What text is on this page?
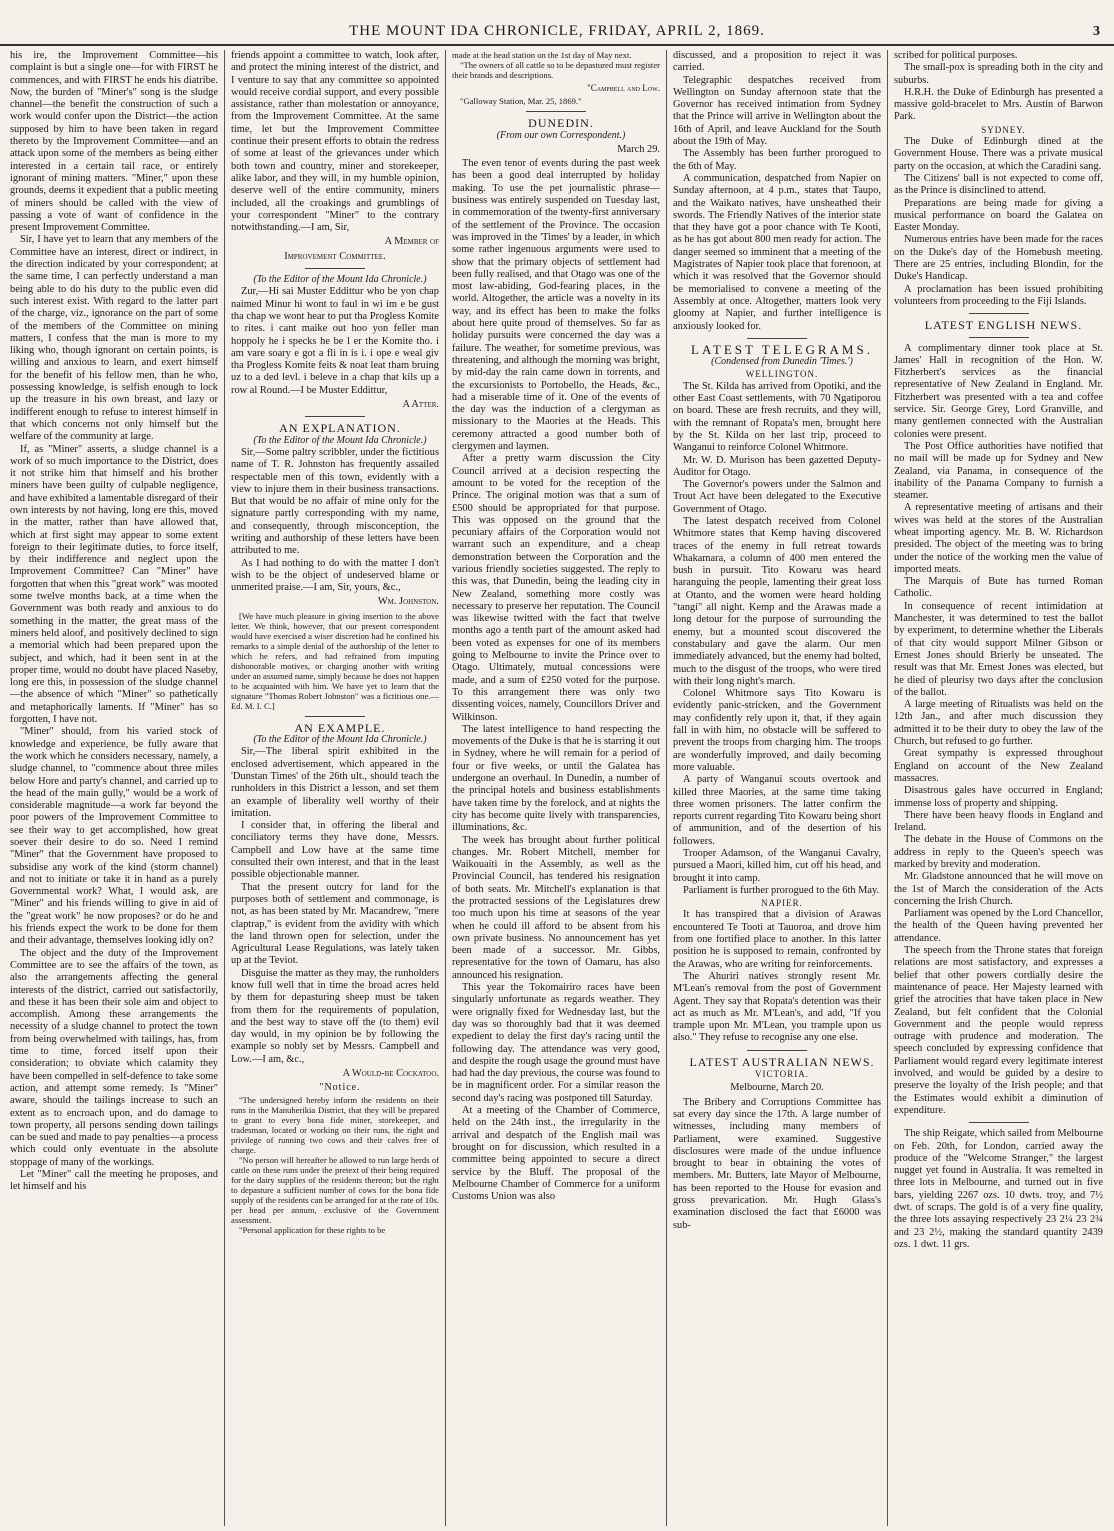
THE MOUNT IDA CHRONICLE, FRIDAY, APRIL 2, 1869.	3

his ire, the Improvement Committee—his complaint is but a single one—for with FIRST he commences, and with FIRST he ends his diatribe. Now, the burden of "Miner's" song is the sludge channel—the benefit the construction of such a work would confer upon the District—the action supposed by him to have been taken in regard thereto by the Improvement Committee—and an attack upon some of the members as being either interested in a certain tail race, or entirely ignorant of mining matters. "Miner," upon these grounds, deems it expedient that a public meeting of miners should be called with the view of passing a vote of want of confidence in the present Improvement Committee.

Sir, I have yet to learn that any members of the Committee have an interest, direct or indirect, in the direction indicated by your correspondent; at the same time, I can perfectly understand a man being able to do his duty to the public even did such interest exist. With regard to the latter part of the charge, viz., ignorance on the part of some of the members of the Committee on mining matters, I confess that the man is more to my liking who, though ignorant on certain points, is willing and anxious to learn, and exert himself for the benefit of his fellow men, than he who, possessing knowledge, is selfish enough to lock up the treasure in his own breast, and lazy or indifferent enough to refuse to interest himself in that which concerns not only himself but the welfare of the community at large.

If, as "Miner" asserts, a sludge channel is a work of so much importance to the District, does it not strike him that himself and his brother miners have been guilty of culpable negligence, and have exhibited a lamentable disregard of their own interests by not having, long ere this, moved in the matter, rather than have allowed that, which at first sight may appear to some extent foreign to their legitimate duties, to force itself, by their indifference and neglect upon the Improvement Committee? Can "Miner" have forgotten that when this "great work" was mooted some twelve months back, at a time when the Government was both ready and anxious to do something in the matter, the great mass of the miners held aloof, and positively declined to sign a memorial which had been prepared upon the subject, and which, had it been sent in at the proper time, would no doubt have placed Naseby, long ere this, in possession of the sludge channel—the absence of which "Miner" so pathetically and metaphorically laments. If "Miner" has so forgotten, I have not.

"Miner" should, from his varied stock of knowledge and experience, be fully aware that the work which he considers necessary, namely, a sludge channel, to "commence about three miles below Hore and party's channel, and carried up to the head of the main gully," would be a work of considerable magnitude—a work far beyond the poor powers of the Improvement Committee to see their way to get accomplished, how great soever their desire to do so. Need I remind "Miner" that the Government have proposed to subsidise any work of the kind (storm channel) and not to initiate or take it in hand as a purely Governmental work? What, I would ask, are "Miner" and his friends willing to give in aid of the "great work" he now proposes? or do he and his friends expect the work to be done for them and their advantage, themselves looking idly on?

The object and the duty of the Improvement Committee are to see the affairs of the town, as also the arrangements affecting the general interests of the district, carried out satisfactorily, and these it has been their sole aim and object to accomplish. Among these arrangements the necessity of a sludge channel to protect the town from being overwhelmed with tailings, has, from time to time, forced itself upon their consideration; to obviate which calamity they have been compelled in self-defence to take some action, and attempt some remedy. Is "Miner" aware, should the tailings increase to such an extent as to encroach upon, and do damage to town property, all persons sending down tailings can be sued and made to pay penalties—a process which could only eventuate in the absolute stoppage of many of the workings.

Let "Miner" call the meeting he proposes, and let himself and his

friends appoint a committee to watch, look after, and protect the mining interest of the district, and I venture to say that any committee so appointed would receive cordial support, and every possible assistance, rather than molestation or annoyance, from the Improvement Committee. At the same time, let but the Improvement Committee continue their present efforts to obtain the redress of some at least of the grievances under which both town and country, miner and storekeeper, alike labor, and they will, in my humble opinion, deserve well of the entire community, miners included, all the croakings and grumblings of your correspondent "Miner" to the contrary notwithstanding.—I am, Sir,

A Member of
Improvement Committee.

(To the Editor of the Mount Ida Chronicle.)

Zur,—Hi sai Muster Eddittur who be yon chap naimed Minur hi wont to faul in wi im e be gust tha chap we wont hear to put tha Progless Komite to rites. i cant maike out hoo yon feller man hoppoly he i specks he be l er the Komite tho. i am vare soary e got a fli in is i. i ope e weal giv tha Progless Komite feits & noat leat tham bruing uz to a ded levl. i beleve in a chap that kils up a row al Round.—I be Muster Eddittur,

A Atter.

AN EXPLANATION.

(To the Editor of the Mount Ida Chronicle.)

Sir,—Some paltry scribbler, under the fictitious name of T. R. Johnston has frequently assailed respectable men of this town, evidently with a view to injure them in their business transactions. But that would be no affair of mine only for the signature partly corresponding with my name, and consequently, through misconception, the writing and authorship of these letters have been attributed to me.

As I had nothing to do with the matter I don't wish to be the object of undeserved blame or unmerited praise.—I am, Sir, yours, &c.,

Wm. Johnston.

[We have much pleasure in giving insertion to the above letter. We think, however, that our present correspondent would have exercised a wiser discretion had he confined his remarks to a simple denial of the authorship of the letter to which he refers, and had refrained from imputing dishonorable motives, or charging another with writing under an assumed name, simply because he does not happen to be acquainted with him. We have yet to learn that the signature "Thomas Robert Johnston" was a fictitious one.—Ed. M. I. C.]

AN EXAMPLE.

(To the Editor of the Mount Ida Chronicle.)

Sir,—The liberal spirit exhibited in the enclosed advertisement, which appeared in the 'Dunstan Times' of the 26th ult., should teach the runholders in this District a lesson, and set them an example of liberality well worthy of their imitation.

I consider that, in offering the liberal and conciliatory terms they have done, Messrs. Campbell and Low have at the same time consulted their own interest, and that in the least possible objectionable manner.

That the present outcry for land for the purposes both of settlement and commonage, is not, as has been stated by Mr. Macandrew, "mere claptrap," is evident from the avidity with which the land thrown open for selection, under the Agricultural Lease Regulations, was lately taken up at the Teviot.

Disguise the matter as they may, the runholders know full well that in time the broad acres held by them for depasturing sheep must be taken from them for the requirements of population, and the best way to stave off the (to them) evil day would, in my opinion be by following the example so nobly set by Messrs. Campbell and Low.—I am, &c.,

A Would-be Cockatoo.

"Notice.

"The undersigned hereby inform the residents on their runs in the Manuherikia District, that they will be prepared to grant to every bona fide miner, storekeeper, and tradesman, located or working on their runs, the right and privilege of running two cows and their calves free of charge.

"No person will hereafter be allowed to run large herds of cattle on these runs under the pretext of their being required for the dairy supplies of the residents thereon; but the right to depasture a sufficient number of cows for the bona fide supply of the residents can be arranged for at the rate of 10s. per head per annum, exclusive of the Government assessment.

"Personal application for these rights to be

made at the head station on the 1st day of May next.

"The owners of all cattle so to be depastured must register their brands and descriptions.

"Campbell and Low.

"Galloway Station, Mar. 25, 1869."

DUNEDIN.

(From our own Correspondent.)

March 29.

The even tenor of events during the past week has been a good deal interrupted by holiday making. To use the pet journalistic phrase—business was entirely suspended on Tuesday last, in commemoration of the twenty-first anniversary of the settlement of the Province. The occasion was improved in the 'Times' by a leader, in which some rather ingenuous arguments were used to show that the primary objects of settlement had been fully realised, and that Otago was one of the most law-abiding, God-fearing places, in the world. Altogether, the article was a novelty in its way, and its effect has been to make the folks about here quite proud of themselves. So far as holiday pursuits were concerned the day was a failure. The weather, for sometime previous, was threatening, and although the morning was bright, by mid-day the rain came down in torrents, and the excursionists to Portobello, the Heads, &c., had a miserable time of it. One of the events of the day was the induction of a clergyman as missionary to the Maories at the Heads. This ceremony attracted a good number both of clergymen and laymen.

After a pretty warm discussion the City Council arrived at a decision respecting the amount to be voted for the reception of the Prince. The original motion was that a sum of £500 should be appropriated for that purpose. This was opposed on the ground that the pecuniary affairs of the Corporation would not warrant such an expenditure, and a cheap demonstration between the Corporation and the various friendly societies suggested. The reply to this was, that Dunedin, being the leading city in New Zealand, something more costly was necessary to preserve her reputation. The Council was likewise twitted with the fact that twelve months ago a tenth part of the amount asked had been voted as expenses for one of its members going to Melbourne to invite the Prince over to Otago. Ultimately, mutual concessions were made, and a sum of £250 voted for the purpose. To this arrangement there was only two dissenting voices, namely, Councillors Driver and Wilkinson.

The latest intelligence to hand respecting the movements of the Duke is that he is starring it out in Sydney, where he will remain for a period of four or five weeks, or until the Galatea has undergone an overhaul. In Dunedin, a number of the principal hotels and business establishments have taken time by the forelock, and at nights the city has become quite lively with transparencies, illuminations, &c.

The week has brought about further political changes. Mr. Robert Mitchell, member for Waikouaiti in the Assembly, as well as the Provincial Council, has tendered his resignation of both seats. Mr. Mitchell's explanation is that the protracted sessions of the Legislatures drew too much upon his time at seasons of the year when he could ill afford to be absent from his own private business. No announcement has yet been made of a successor. Mr. Gibbs, representative for the town of Oamaru, has also announced his resignation.

This year the Tokomairiro races have been singularly unfortunate as regards weather. They were orignally fixed for Wednesday last, but the day was so thoroughly bad that it was deemed expedient to delay the first day's racing until the following day. The attendance was very good, and despite the rough usage the ground must have had had the day previous, the course was found to be in magnificent order. For a similar reason the second day's racing was postponed till Saturday.

At a meeting of the Chamber of Commerce, held on the 24th inst., the irregularity in the arrival and despatch of the English mail was brought on for discussion, which resulted in a committee being appointed to secure a direct service by the Bluff. The proposal of the Melbourne Chamber of Commerce for a uniform Customs Union was also

discussed, and a proposition to reject it was carried.

Telegraphic despatches received from Wellington on Sunday afternoon state that the Governor has received intimation from Sydney that the Prince will arrive in Wellington about the 16th of April, and leave Auckland for the South about the 19th of May.

The Assembly has been further prorogued to the 6th of May.

A communication, despatched from Napier on Sunday afternoon, at 4 p.m., states that Taupo, and the Waikato natives, have unsheathed their swords. The Friendly Natives of the interior state that they have got a poor chance with Te Kooti, as he has got about 800 men ready for action. The danger seemed so imminent that a meeting of the Magistrates of Napier took place that forenoon, at which it was resolved that the Governor should be memorialised to convene a meeting of the Assembly at once. Altogether, matters look very gloomy at Napier, and further intelligence is anxiously looked for.

LATEST TELEGRAMS.

(Condensed from Dunedin 'Times.')

WELLINGTON.

The St. Kilda has arrived from Opotiki, and the other East Coast settlements, with 70 Ngatiporou on board. These are fresh recruits, and they will, with the remnant of Ropata's men, brought here by the St. Kilda on her last trip, proceed to Wanganui to reinforce Colonel Whitmore.

Mr. W. D. Murison has been gazetted Deputy-Auditor for Otago.

The Governor's powers under the Salmon and Trout Act have been delegated to the Executive Government of Otago.

The latest despatch received from Colonel Whitmore states that Kemp having discovered traces of the enemy in full retreat towards Whakamara, a column of 400 men entered the bush in pursuit. Tito Kowaru was heard haranguing the people, lamenting their great loss at Otanto, and the women were heard holding "tangi" all night. Kemp and the Arawas made a long detour for the purpose of surrounding the enemy, but a mounted scout discovered the constabulary and gave the alarm. Our men immediately advanced, but the enemy had bolted, much to the disgust of the troops, who were tired with their long night's march.

Colonel Whitmore says Tito Kowaru is evidently panic-stricken, and the Government may confidently rely upon it, that, if they again fall in with him, no obstacle will be suffered to prevent the troops from charging him. The troops are wonderfully improved, and daily becoming more valuable.

A party of Wanganui scouts overtook and killed three Maories, at the same time taking three women prisoners. The latter confirm the reports current regarding Tito Kowaru being short of ammunition, and of the desertion of his followers.

Trooper Adamson, of the Wanganui Cavalry, pursued a Maori, killed him, cut off his head, and brought it into camp.

Parliament is further prorogued to the 6th May.

NAPIER.

It has transpired that a division of Arawas encountered Te Tooti at Tauoroa, and drove him from one fortified place to another. In this latter position he is supposed to remain, confronted by the Arawas, who are writing for reinforcements.

The Ahuriri natives strongly resent Mr. M'Lean's removal from the post of Government Agent. They say that Ropata's detention was their act as much as Mr. M'Lean's, and add, "If you trample upon Mr. M'Lean, you trample upon us also." They refuse to recognise any one else.

LATEST AUSTRALIAN NEWS.

VICTORIA.

Melbourne, March 20.

The Bribery and Corruptions Committee has sat every day since the 17th. A large number of witnesses, including many members of Parliament, were examined. Suggestive disclosures were made of the undue influence brought to bear in obtaining the votes of members. Mr. Butters, late Mayor of Melbourne, has been reported to the House for evasion and gross prevarication. Mr. Hugh Glass's examination disclosed the fact that £6000 was sub-

scribed for political purposes.

The small-pox is spreading both in the city and suburbs.

H.R.H. the Duke of Edinburgh has presented a massive gold-bracelet to Mrs. Austin of Barwon Park.

SYDNEY.

The Duke of Edinburgh dined at the Government House. There was a private musical party on the occasion, at which the Caradini sang.

The Citizens' ball is not expected to come off, as the Prince is disinclined to attend.

Preparations are being made for giving a musical performance on board the Galatea on Easter Monday.

Numerous entries have been made for the races on the Duke's day of the Homebush meeting. There are 25 entries, including Blondin, for the Duke's Handicap.

A proclamation has been issued prohibiting volunteers from proceeding to the Fiji Islands.

LATEST ENGLISH NEWS.

A complimentary dinner took place at St. James' Hall in recognition of the Hon. W. Fitzherbert's services as the financial representative of New Zealand in England. Mr. Fitzherbert was presented with a tea and coffee service. Sir. George Grey, Lord Granville, and many gentlemen connected with the Australian colonies were present.

The Post Office authorities have notified that no mail will be made up for Sydney and New Zealand, via Panama, in consequence of the inability of the Panama Company to furnish a steamer.

A representative meeting of artisans and their wives was held at the stores of the Australian wheat importing agency. Mr. B. W. Richardson presided. The object of the meeting was to bring under the notice of the working men the value of imported meats.

The Marquis of Bute has turned Roman Catholic.

In consequence of recent intimidation at Manchester, it was determined to test the ballot by experiment, to determine whether the Liberals of that city would support Milner Gibson or Ernest Jones should Brierly be unseated. The result was that Mr. Ernest Jones was elected, but he died of pleurisy two days after the conclusion of the ballot.

A large meeting of Ritualists was held on the 12th Jan., and after much discussion they admitted it to be their duty to obey the law of the Church, but refused to go further.

Great sympathy is expressed throughout England on account of the New Zealand massacres.

Disastrous gales have occurred in England; immense loss of property and shipping.

There have been heavy floods in England and Ireland.

The debate in the House of Commons on the address in reply to the Queen's speech was marked by brevity and moderation.

Mr. Gladstone announced that he will move on the 1st of March the consideration of the Acts concerning the Irish Church.

Parliament was opened by the Lord Chancellor, the health of the Queen having prevented her attendance.

The speech from the Throne states that foreign relations are most satisfactory, and expresses a belief that other powers cordially desire the maintenance of peace. Her Majesty learned with grief the atrocities that have taken place in New Zealand, but felt confident that the Colonial Government and the people would repress outrage with prudence and moderation. The speech concluded by expressing confidence that Parliament would regard every legitimate interest involved, and would be guided by a desire to preserve the loyalty of the Irish people; and that the Estimates would exhibit a diminution of expenditure.

The ship Reigate, which sailed from Melbourne on Feb. 20th, for London, carried away the produce of the "Welcome Stranger," the largest nugget yet found in Australia. It was remelted in three lots in Melbourne, and turned out in five bars, yielding 2267 ozs. 10 dwts. troy, and 7½ dwt. of scraps. The gold is of a very fine quality, the three lots assaying respectively 23 2¼ 23 2¾ and 23 2½, making the standard quantity 2439 ozs. 1 dwt. 11 grs.
